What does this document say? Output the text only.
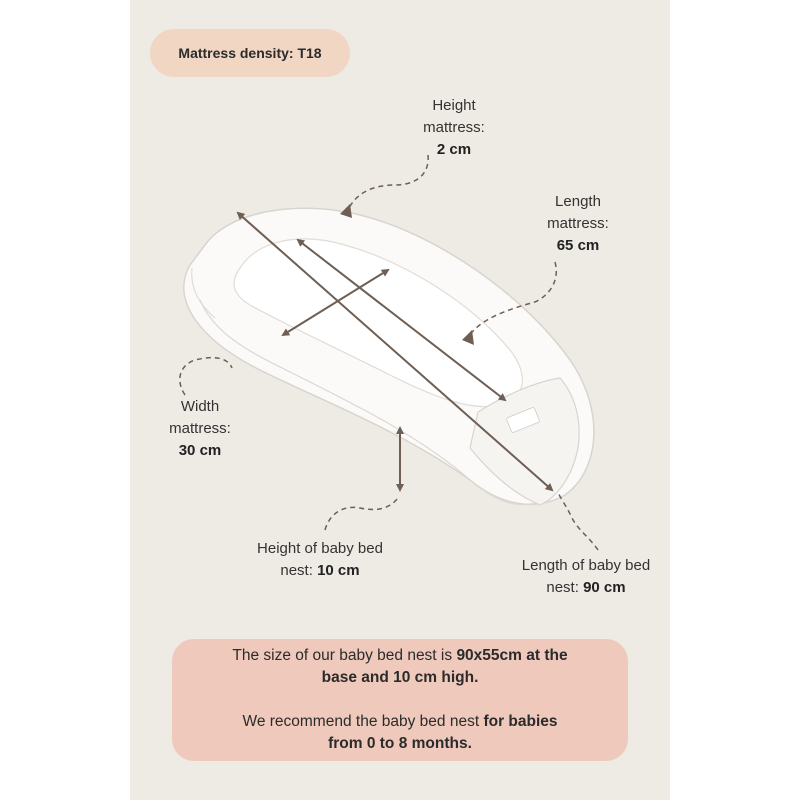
Mattress density: T18
Height
mattress:
2 cm
Length
mattress:
65 cm
Width
mattress:
30 cm
Height of baby bed
nest: 10 cm	Length of baby bed
nest: 90 cm

The size of our baby bed nest is 90x55cm at the
base and 10 cm high.

We recommend the baby bed nest for babies
from 0 to 8 months.
